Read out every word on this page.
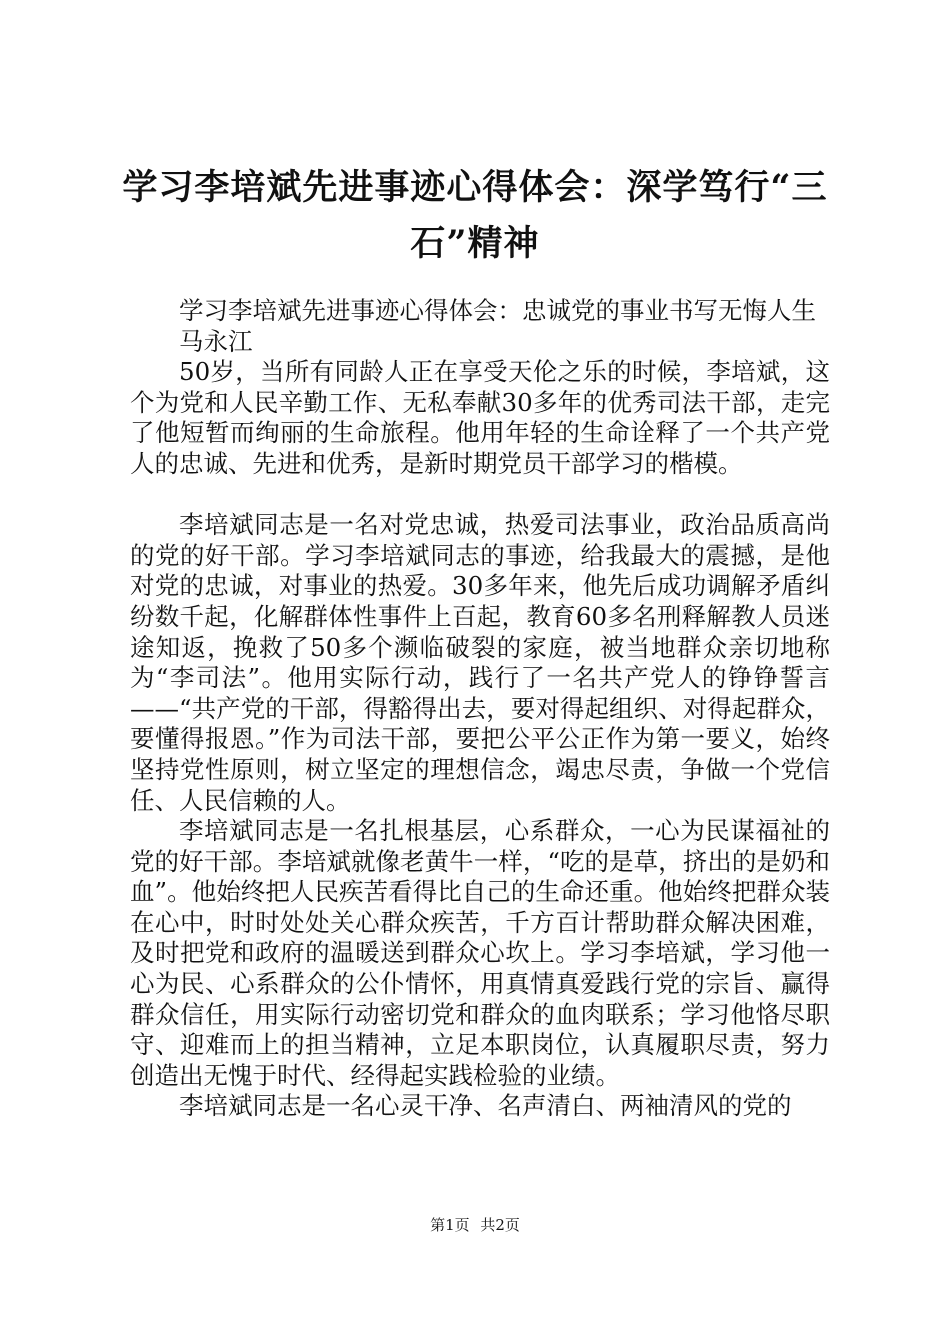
学习李培斌先进事迹心得体会：深学笃行“三石”精神

学习李培斌先进事迹心得体会：忠诚党的事业书写无悔人生

马永江

50岁，当所有同龄人正在享受天伦之乐的时候，李培斌，这个为党和人民辛勤工作、无私奉献30多年的优秀司法干部，走完了他短暂而绚丽的生命旅程。他用年轻的生命诠释了一个共产党人的忠诚、先进和优秀，是新时期党员干部学习的楷模。

李培斌同志是一名对党忠诚，热爱司法事业，政治品质高尚的党的好干部。学习李培斌同志的事迹，给我最大的震撼，是他对党的忠诚，对事业的热爱。30多年来，他先后成功调解矛盾纠纷数千起，化解群体性事件上百起，教育60多名刑释解教人员迷途知返，挽救了50多个濒临破裂的家庭，被当地群众亲切地称为“李司法”。他用实际行动，践行了一名共产党人的铮铮誓言——“共产党的干部，得豁得出去，要对得起组织、对得起群众，要懂得报恩。”作为司法干部，要把公平公正作为第一要义，始终坚持党性原则，树立坚定的理想信念，竭忠尽责，争做一个党信任、人民信赖的人。

李培斌同志是一名扎根基层，心系群众，一心为民谋福祉的党的好干部。李培斌就像老黄牛一样，“吃的是草，挤出的是奶和血”。他始终把人民疾苦看得比自己的生命还重。他始终把群众装在心中，时时处处关心群众疾苦，千方百计帮助群众解决困难，及时把党和政府的温暖送到群众心坎上。学习李培斌，学习他一心为民、心系群众的公仆情怀，用真情真爱践行党的宗旨、赢得群众信任，用实际行动密切党和群众的血肉联系；学习他恪尽职守、迎难而上的担当精神，立足本职岗位，认真履职尽责，努力创造出无愧于时代、经得起实践检验的业绩。

李培斌同志是一名心灵干净、名声清白、两袖清风的党的

第1页 共2页
